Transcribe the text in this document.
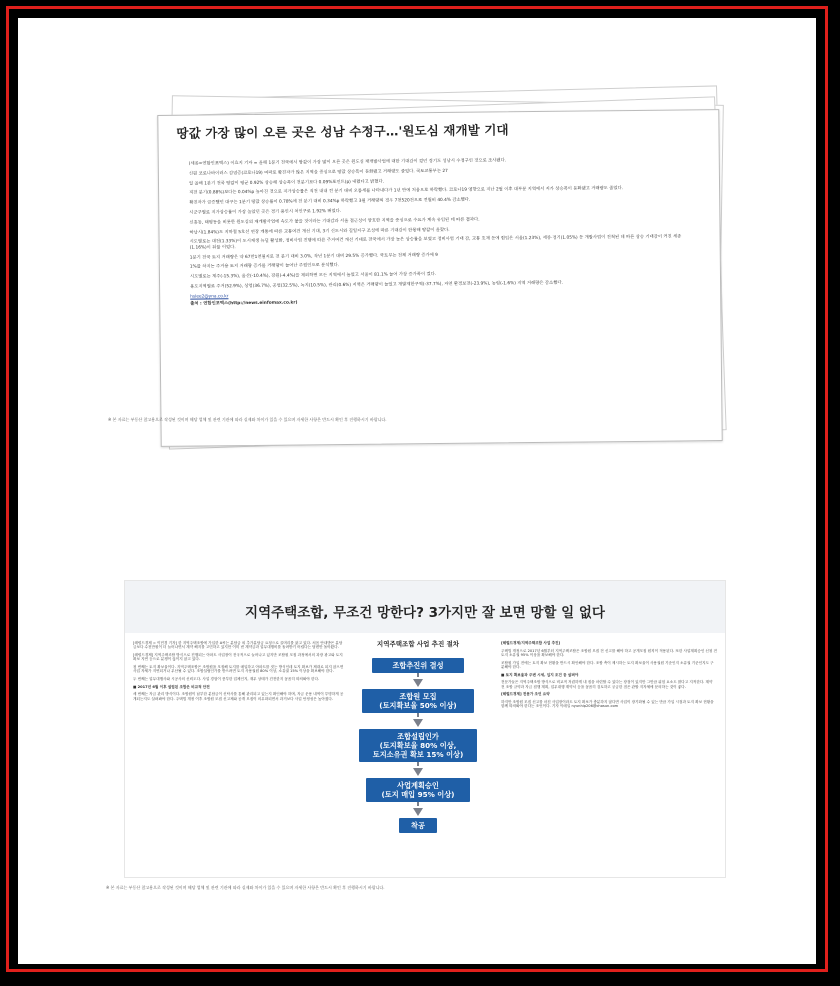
땅값 가장 많이 오른 곳은 성남 수정구…'원도심 재개발 기대

(세종=연합인포맥스) 이효지 기자 = 올해 1분기 전국에서 땅값이 가장 많이 오른 곳은 원도심 재개발사업에 대한 기대감이 컸던 경기도 성남시 수정구인 것으로 조사됐다.

신원 코로나바이러스 감염증(코로나19) 여파로 확진자가 많은 지역을 중심으로 땅값 상승폭이 둔화됐고 거래량도 줄었다. 국토교통부는 27

일 올해 1분기 전국 땅값이 평균 0.92% 상승해 상승폭이 전분기보다 0.09%포인트(p) 내렸다고 밝혔다.

직전 분기(0.88%)보다는 0.04%p 높아진 것으로 지가상승률은 직전 내내 전 분기 대비 오름세를 나타내다가 1년 만에 처음으로 하락했다. 코로나19 영향으로 지난 2월 이후 대부분 지역에서 지가 상승폭이 둔화됐고 거래량도 줄었다.

확진자가 급증했던 대구는 1분기 땅값 상승률이 0.78%에 전 분기 대비 0.34%p 하락했고 3월 거래량의 경우 7천520건으로 전월비 40.4% 감소했다.

시군구별로 지가상승률이 가장 높았던 곳은 경기 용인시 처인구로 1.92% 뛰었다.

신흥동, 태평동을 비롯한 원도심의 재개발사업에 속도가 붙을 것이라는 기대감과 서울 접근성이 양호한 지역을 중심으로 수요가 계속 유입된 데 따른 결과다.

하남시(1.84%)도 지하철 5호선 연장 개통에 따른 교통여건 개선 기대, 3기 신도시와 길일지구 조성에 따른 기대감이 한몫해 땅값이 올랐다.

시도별로는 대전(1.33%)이 도시재생 뉴딜 활성화, 정비사업 진행에 따른 주거여건 개선 기대로 전국에서 가장 높은 상승률을 보였고 정비사업 기대 감, 교통 호재 등에 힘입은 서울(1.23%), 세종·경기(1.05%) 등 개발사업이 진척된 데 따른 상승 기대감이 커진 세종(1.16%)이 뒤를 이었다.

1분기 전국 토지 거래량은 약 67만1천필지로 전 분기 대비 3.0%, 작년 1분기 대비 29.5% 증가했다. 국토부는 전체 거래량 증가에 9

1%를 차지는 주거용 토지 거래량 증가를 거래량이 늘어난 주원인으로 분석했다.

시도별로는 제주(-15.3%), 울산(-10.4%), 강원(-4.4%)을 제외하면 모든 지역에서 늘었고 서울이 81.1% 늘어 가장 증가폭이 컸다.

용도지역별로 주거(52.9%), 상업(36.7%), 공업(32.5%), 녹지(10.5%), 관리(0.6%) 지역은 거래량이 늘었고 개발제한구역(-37.7%), 자연 환경보전(-23.9%), 농림(-1.6%) 지역 거래량은 감소했다.

hslee2@yna.co.kr

출처 : 연합인포맥스(http://news.einfomax.co.kr)

※ 본 자료는 부동산 참고용으로 작성된 것이며 해당 업체 및 관련 기관에 따라 실제와 차이가 있을 수 있으며 자세한 사항은 반드시 확인 후 진행하시기 바랍니다.
지역주택조합, 무조건 망한다? 3가지만 잘 보면 망할 일 없다

[헤럴드경제 = 이민경 기자] 한 지역주택조합에 가입한 A씨는 분담금 외 추가분담금 요청으로 골머리를 앓고 있다. 처음 안내받은 분담금보다 수천만원이 더 늘어나면서 계약 해지를 고민하고 있지만 이미 낸 계약금과 업무대행비를 돌려받기 어렵다는 답변만 돌아왔다.

[헤럴드경제] 지역주택조합 방식으로 진행되는 아파트 사업장이 전국적으로 늘어나고 있지만 조합원 모집 과정에서의 과장 광고와 토지 확보 지연 등으로 분쟁이 끊이지 않고 있다.

첫 번째는 토지 확보율이다. 지역주택조합은 조합원을 모집해 토지를 매입하고 아파트를 짓는 방식인데 토지 확보가 제대로 되지 않으면 사업 자체가 지연되거나 무산될 수 있다. 조합설립인가를 받으려면 토지 사용권원 80% 이상, 소유권 15% 이상을 확보해야 한다.

두 번째는 업무대행사와 시공사의 신뢰도다. 사업 경험이 풍부한 업체인지, 재무 상태가 건전한지 꼼꼼히 따져봐야 한다.

■ 2017년 6월 이후 설립된 조합은 비교적 안전

세 번째는 자금 관리 방식이다. 조합원이 납부한 분담금이 신탁사를 통해 관리되고 있는지 확인해야 하며, 자금 운용 내역이 투명하게 공개되는지도 살펴봐야 한다. 주택법 개정 이후 조합원 모집 신고제와 공개 모집이 의무화되면서 과거보다 사업 안정성은 높아졌다.

지역주택조합 사업 추진 절차
조합추진위 결성
조합원 모집
(토지확보율 50% 이상)
조합설립인가
(토지확보율 80% 이상,
토지소유권 확보 15% 이상)
사업계획승인
(토지 매입 95% 이상)
착공

[헤럴드경제/지역주택조합 사업 추진]

주택법 개정으로 2017년 6월부터 지역주택조합은 조합원 모집 전 신고를 해야 하고 공개모집 원칙이 적용된다. 또한 사업계획승인 신청 전 토지 소유권 95% 이상을 확보해야 한다.

조합원 가입 전에는 토지 확보 현황을 반드시 확인해야 한다. 조합 측이 제시하는 토지 확보율이 사용권원 기준인지 소유권 기준인지도 구분해야 한다.

■ 토지 확보율과 주변 시세, 입지 조건 등 살펴야

전문가들은 지역주택조합 방식으로 비교적 저렴하게 내 집을 마련할 수 있다는 장점이 있지만 그만큼 위험 요소도 많다고 지적한다. 계약 전 조합 규약과 자금 집행 계획, 업무대행 계약서 등을 꼼꼼히 검토하고 궁금한 점은 관할 지자체에 문의하는 것이 좋다.

[헤럴드경제] 전문가 조언 요약

하지만 조합원 모집 신고를 마친 사업장이라도 토지 확보가 충분하지 않다면 사업이 장기화될 수 있는 만큼 가입 시점과 토지 확보 현황을 함께 따져봐야 한다는 조언이다. 기자 이메일 nyunhip206@chosun.com

※ 본 자료는 부동산 참고용으로 작성된 것이며 해당 업체 및 관련 기관에 따라 실제와 차이가 있을 수 있으며 자세한 사항은 반드시 확인 후 진행하시기 바랍니다.
